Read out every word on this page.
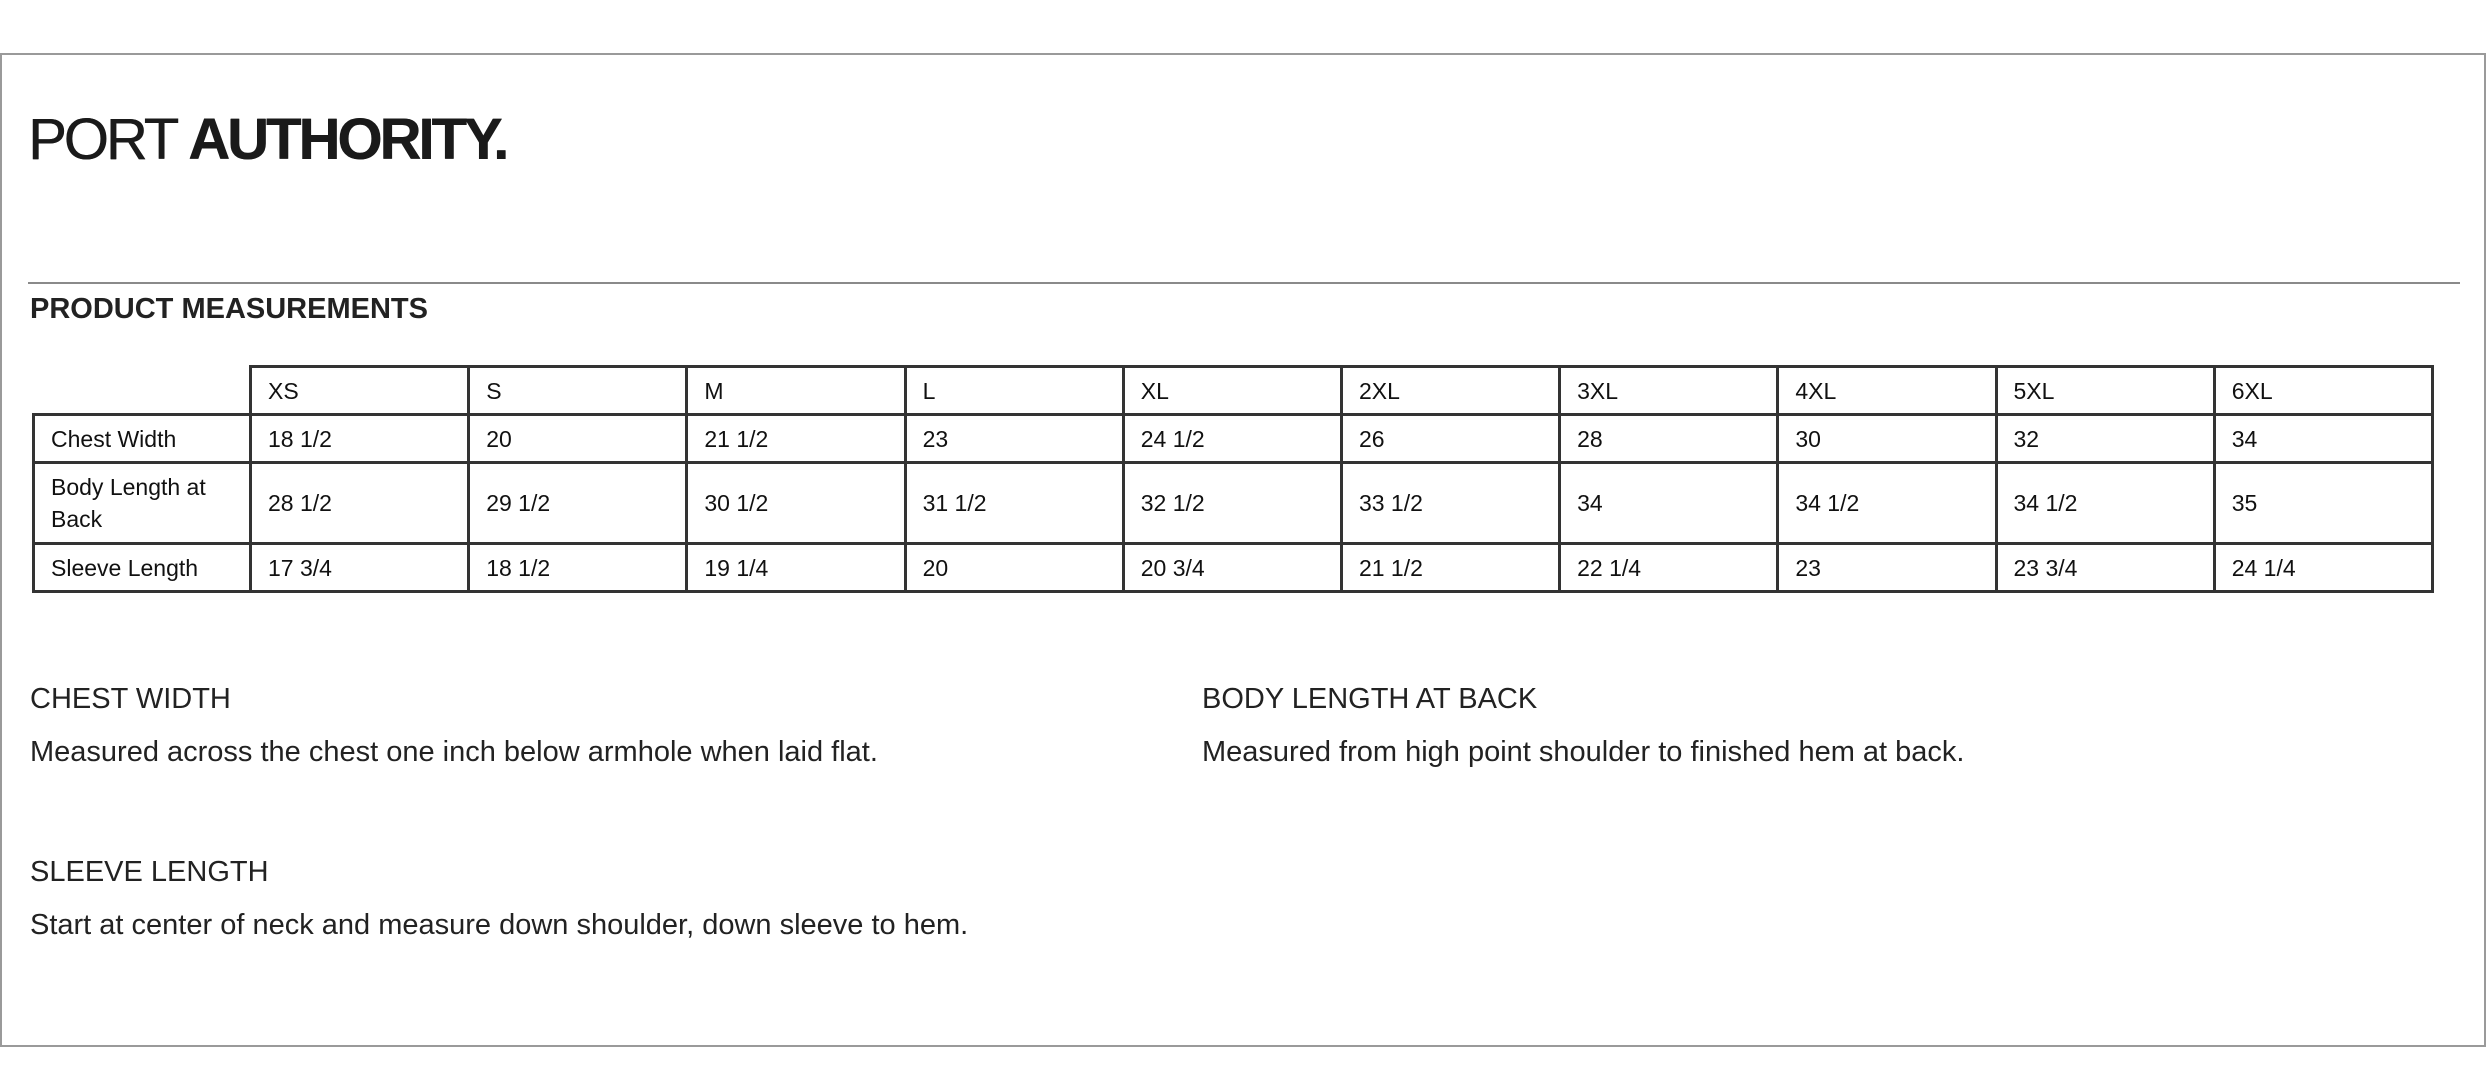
PORT AUTHORITY.
PRODUCT MEASUREMENTS
	XS	S	M	L	XL	2XL	3XL	4XL	5XL	6XL
Chest Width	18 1/2	20	21 1/2	23	24 1/2	26	28	30	32	34
Body Length at Back	28 1/2	29 1/2	30 1/2	31 1/2	32 1/2	33 1/2	34	34 1/2	34 1/2	35
Sleeve Length	17 3/4	18 1/2	19 1/4	20	20 3/4	21 1/2	22 1/4	23	23 3/4	24 1/4
CHEST WIDTH
Measured across the chest one inch below armhole when laid flat.
BODY LENGTH AT BACK
Measured from high point shoulder to finished hem at back.
SLEEVE LENGTH
Start at center of neck and measure down shoulder, down sleeve to hem.
